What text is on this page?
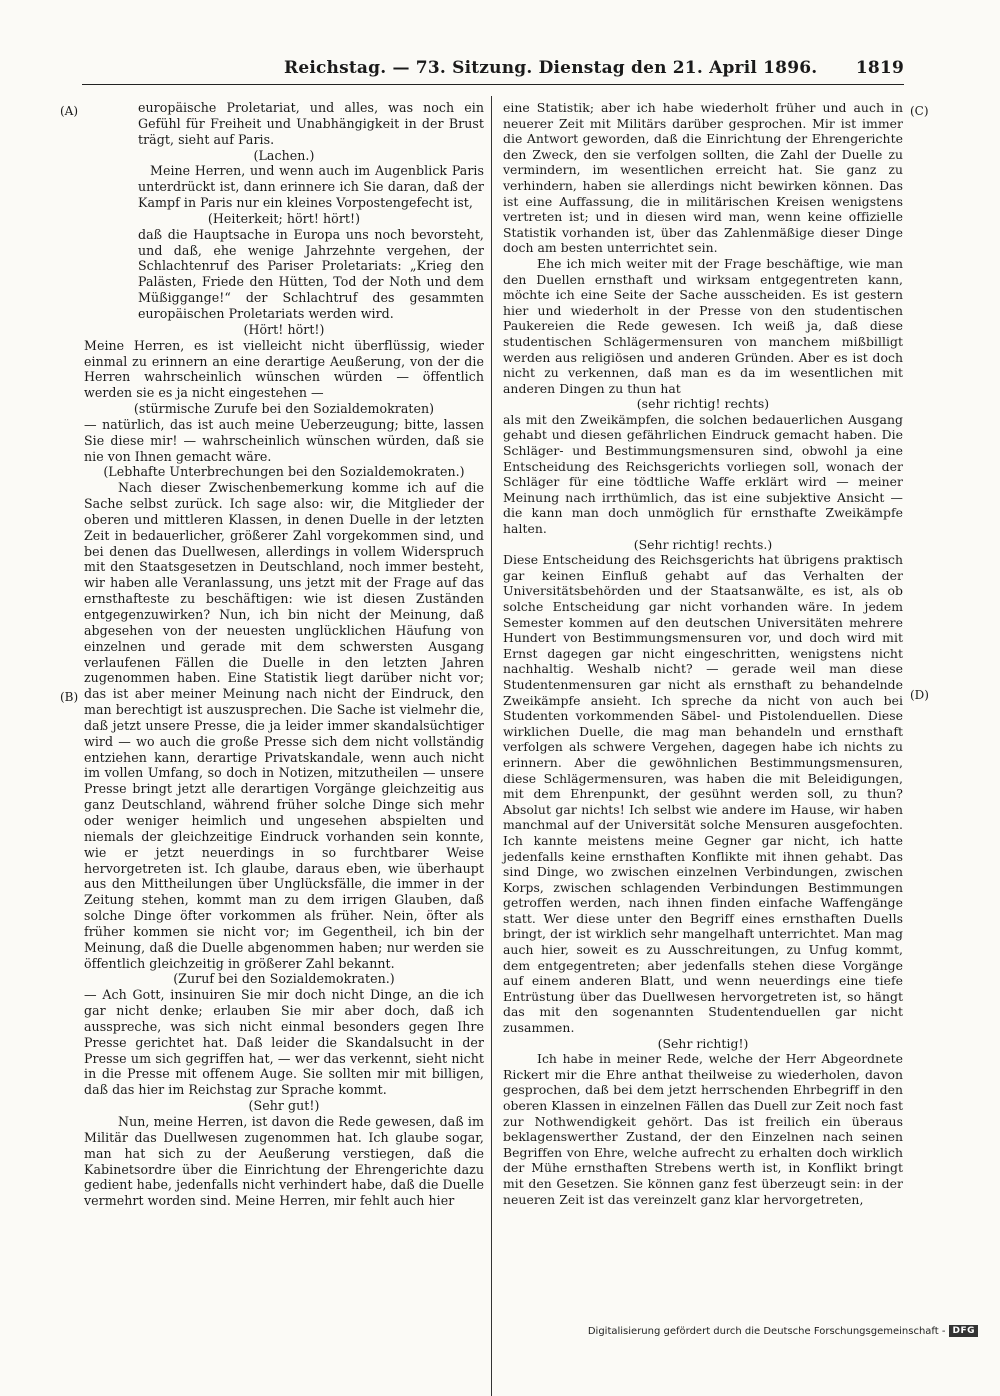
Reichstag. — 73. Sitzung. Dienstag den 21. April 1896. 1819
(A)
(B)
(C)
(D)

europäische Proletariat, und alles, was noch ein Gefühl für Freiheit und Unabhängigkeit in der Brust trägt, sieht auf Paris.

(Lachen.)

Meine Herren, und wenn auch im Augenblick Paris unterdrückt ist, dann erinnere ich Sie daran, daß der Kampf in Paris nur ein kleines Vorpostengefecht ist,

(Heiterkeit; hört! hört!)

daß die Hauptsache in Europa uns noch bevorsteht, und daß, ehe wenige Jahrzehnte vergehen, der Schlachtenruf des Pariser Proletariats: „Krieg den Palästen, Friede den Hütten, Tod der Noth und dem Müßiggange!“ der Schlachtruf des gesammten europäischen Proletariats werden wird.

(Hört! hört!)

Meine Herren, es ist vielleicht nicht überflüssig, wieder einmal zu erinnern an eine derartige Aeußerung, von der die Herren wahrscheinlich wünschen würden — öffentlich werden sie es ja nicht eingestehen —

(stürmische Zurufe bei den Sozialdemokraten)

— natürlich, das ist auch meine Ueberzeugung; bitte, lassen Sie diese mir! — wahrscheinlich wünschen würden, daß sie nie von Ihnen gemacht wäre.

(Lebhafte Unterbrechungen bei den Sozialdemokraten.)

Nach dieser Zwischenbemerkung komme ich auf die Sache selbst zurück. Ich sage also: wir, die Mitglieder der oberen und mittleren Klassen, in denen Duelle in der letzten Zeit in bedauerlicher, größerer Zahl vorgekommen sind, und bei denen das Duellwesen, allerdings in vollem Widerspruch mit den Staatsgesetzen in Deutschland, noch immer besteht, wir haben alle Veranlassung, uns jetzt mit der Frage auf das ernsthafteste zu beschäftigen: wie ist diesen Zuständen entgegenzuwirken? Nun, ich bin nicht der Meinung, daß abgesehen von der neuesten unglücklichen Häufung von einzelnen und gerade mit dem schwersten Ausgang verlaufenen Fällen die Duelle in den letzten Jahren zugenommen haben. Eine Statistik liegt darüber nicht vor; das ist aber meiner Meinung nach nicht der Eindruck, den man berechtigt ist auszusprechen. Die Sache ist vielmehr die, daß jetzt unsere Presse, die ja leider immer skandalsüchtiger wird — wo auch die große Presse sich dem nicht vollständig entziehen kann, derartige Privatskandale, wenn auch nicht im vollen Umfang, so doch in Notizen, mitzutheilen — unsere Presse bringt jetzt alle derartigen Vorgänge gleichzeitig aus ganz Deutschland, während früher solche Dinge sich mehr oder weniger heimlich und ungesehen abspielten und niemals der gleichzeitige Eindruck vorhanden sein konnte, wie er jetzt neuerdings in so furchtbarer Weise hervorgetreten ist. Ich glaube, daraus eben, wie überhaupt aus den Mittheilungen über Unglücksfälle, die immer in der Zeitung stehen, kommt man zu dem irrigen Glauben, daß solche Dinge öfter vorkommen als früher. Nein, öfter als früher kommen sie nicht vor; im Gegentheil, ich bin der Meinung, daß die Duelle abgenommen haben; nur werden sie öffentlich gleichzeitig in größerer Zahl bekannt.

(Zuruf bei den Sozialdemokraten.)

— Ach Gott, insinuiren Sie mir doch nicht Dinge, an die ich gar nicht denke; erlauben Sie mir aber doch, daß ich ausspreche, was sich nicht einmal besonders gegen Ihre Presse gerichtet hat. Daß leider die Skandalsucht in der Presse um sich gegriffen hat, — wer das verkennt, sieht nicht in die Presse mit offenem Auge. Sie sollten mir mit billigen, daß das hier im Reichstag zur Sprache kommt.

(Sehr gut!)

Nun, meine Herren, ist davon die Rede gewesen, daß im Militär das Duellwesen zugenommen hat. Ich glaube sogar, man hat sich zu der Aeußerung verstiegen, daß die Kabinetsordre über die Einrichtung der Ehrengerichte dazu gedient habe, jedenfalls nicht verhindert habe, daß die Duelle vermehrt worden sind. Meine Herren, mir fehlt auch hier

eine Statistik; aber ich habe wiederholt früher und auch in neuerer Zeit mit Militärs darüber gesprochen. Mir ist immer die Antwort geworden, daß die Einrichtung der Ehrengerichte den Zweck, den sie verfolgen sollten, die Zahl der Duelle zu vermindern, im wesentlichen erreicht hat. Sie ganz zu verhindern, haben sie allerdings nicht bewirken können. Das ist eine Auffassung, die in militärischen Kreisen wenigstens vertreten ist; und in diesen wird man, wenn keine offizielle Statistik vorhanden ist, über das Zahlenmäßige dieser Dinge doch am besten unterrichtet sein.

Ehe ich mich weiter mit der Frage beschäftige, wie man den Duellen ernsthaft und wirksam entgegentreten kann, möchte ich eine Seite der Sache ausscheiden. Es ist gestern hier und wiederholt in der Presse von den studentischen Paukereien die Rede gewesen. Ich weiß ja, daß diese studentischen Schlägermensuren von manchem mißbilligt werden aus religiösen und anderen Gründen. Aber es ist doch nicht zu verkennen, daß man es da im wesentlichen mit anderen Dingen zu thun hat

(sehr richtig! rechts)

als mit den Zweikämpfen, die solchen bedauerlichen Ausgang gehabt und diesen gefährlichen Eindruck gemacht haben. Die Schläger- und Bestimmungsmensuren sind, obwohl ja eine Entscheidung des Reichsgerichts vorliegen soll, wonach der Schläger für eine tödtliche Waffe erklärt wird — meiner Meinung nach irrthümlich, das ist eine subjektive Ansicht — die kann man doch unmöglich für ernsthafte Zweikämpfe halten.

(Sehr richtig! rechts.)

Diese Entscheidung des Reichsgerichts hat übrigens praktisch gar keinen Einfluß gehabt auf das Verhalten der Universitätsbehörden und der Staatsanwälte, es ist, als ob solche Entscheidung gar nicht vorhanden wäre. In jedem Semester kommen auf den deutschen Universitäten mehrere Hundert von Bestimmungsmensuren vor, und doch wird mit Ernst dagegen gar nicht eingeschritten, wenigstens nicht nachhaltig. Weshalb nicht? — gerade weil man diese Studentenmensuren gar nicht als ernsthaft zu behandelnde Zweikämpfe ansieht. Ich spreche da nicht von auch bei Studenten vorkommenden Säbel- und Pistolenduellen. Diese wirklichen Duelle, die mag man behandeln und ernsthaft verfolgen als schwere Vergehen, dagegen habe ich nichts zu erinnern. Aber die gewöhnlichen Bestimmungsmensuren, diese Schlägermensuren, was haben die mit Beleidigungen, mit dem Ehrenpunkt, der gesühnt werden soll, zu thun? Absolut gar nichts! Ich selbst wie andere im Hause, wir haben manchmal auf der Universität solche Mensuren ausgefochten. Ich kannte meistens meine Gegner gar nicht, ich hatte jedenfalls keine ernsthaften Konflikte mit ihnen gehabt. Das sind Dinge, wo zwischen einzelnen Verbindungen, zwischen Korps, zwischen schlagenden Verbindungen Bestimmungen getroffen werden, nach ihnen finden einfache Waffengänge statt. Wer diese unter den Begriff eines ernsthaften Duells bringt, der ist wirklich sehr mangelhaft unterrichtet. Man mag auch hier, soweit es zu Ausschreitungen, zu Unfug kommt, dem entgegentreten; aber jedenfalls stehen diese Vorgänge auf einem anderen Blatt, und wenn neuerdings eine tiefe Entrüstung über das Duellwesen hervorgetreten ist, so hängt das mit den sogenannten Studentenduellen gar nicht zusammen.

(Sehr richtig!)

Ich habe in meiner Rede, welche der Herr Abgeordnete Rickert mir die Ehre anthat theilweise zu wiederholen, davon gesprochen, daß bei dem jetzt herrschenden Ehrbegriff in den oberen Klassen in einzelnen Fällen das Duell zur Zeit noch fast zur Nothwendigkeit gehört. Das ist freilich ein überaus beklagenswerther Zustand, der den Einzelnen nach seinen Begriffen von Ehre, welche aufrecht zu erhalten doch wirklich der Mühe ernsthaften Strebens werth ist, in Konflikt bringt mit den Gesetzen. Sie können ganz fest überzeugt sein: in der neueren Zeit ist das vereinzelt ganz klar hervorgetreten,

Digitalisierung gefördert durch die Deutsche Forschungsgemeinschaft - DFG
